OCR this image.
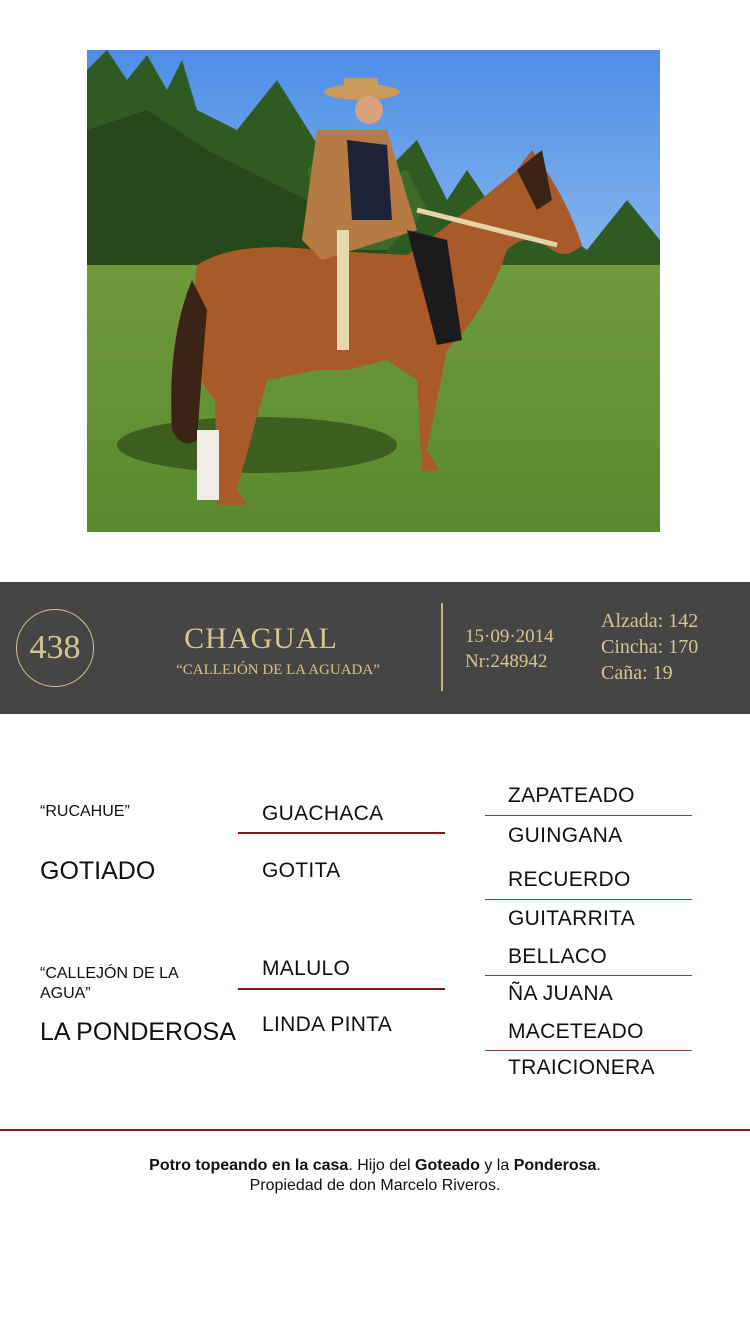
438	CHAGUAL
“CALLEJÓN DE LA AGUADA”
15·09·2014
Nr:248942
Alzada: 142
Cincha: 170
Caña: 19
“RUCAHUE”
GOTIADO
“CALLEJÓN DE LA
AGUA”
LA PONDEROSA
GUACHACA
GOTITA
MALULO
LINDA PINTA
ZAPATEADO
GUINGANA
RECUERDO
GUITARRITA
BELLACO
ÑA JUANA
MACETEADO
TRAICIONERA
Potro topeando en la casa. Hijo del Goteado y la Ponderosa.
Propiedad de don Marcelo Riveros.
